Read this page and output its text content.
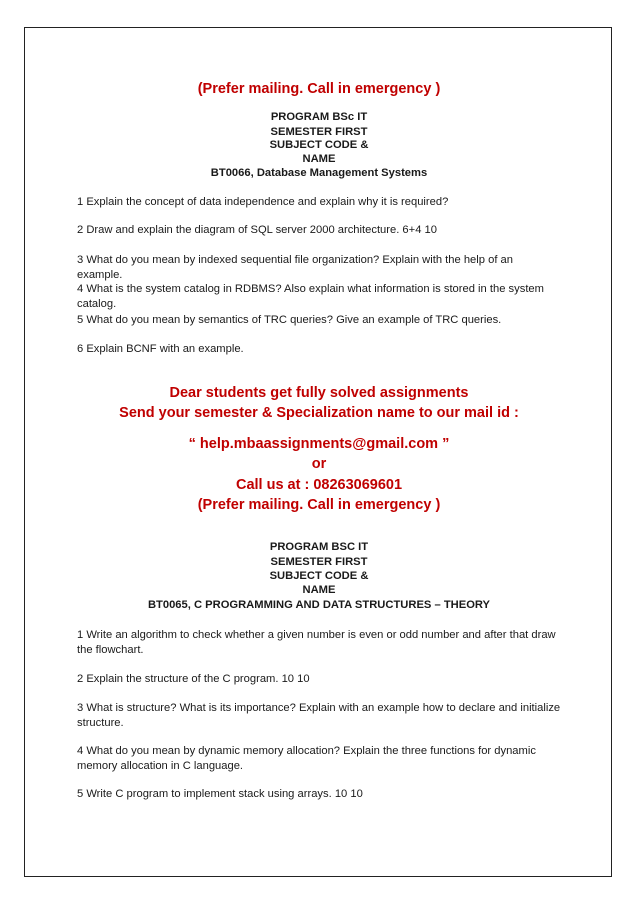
(Prefer mailing. Call in emergency )
PROGRAM BSc IT
SEMESTER FIRST
SUBJECT CODE &
NAME
BT0066, Database Management Systems
1 Explain the concept of data independence and explain why it is required?
2 Draw and explain the diagram of SQL server 2000 architecture. 6+4 10
3 What do you mean by indexed sequential file organization? Explain with the help of an example.
4 What is the system catalog in RDBMS? Also explain what information is stored in the system catalog.
5 What do you mean by semantics of TRC queries? Give an example of TRC queries.
6 Explain BCNF with an example.
Dear students get fully solved assignments
Send your semester & Specialization name to our mail id :
“ help.mbaassignments@gmail.com ”
or
Call us at : 08263069601
(Prefer mailing. Call in emergency )
PROGRAM BSC IT
SEMESTER FIRST
SUBJECT CODE &
NAME
BT0065, C PROGRAMMING AND DATA STRUCTURES – THEORY
1 Write an algorithm to check whether a given number is even or odd number and after that draw the flowchart.
2 Explain the structure of the C program. 10 10
3 What is structure? What is its importance? Explain with an example how to declare and initialize structure.
4 What do you mean by dynamic memory allocation? Explain the three functions for dynamic memory allocation in C language.
5 Write C program to implement stack using arrays. 10 10
